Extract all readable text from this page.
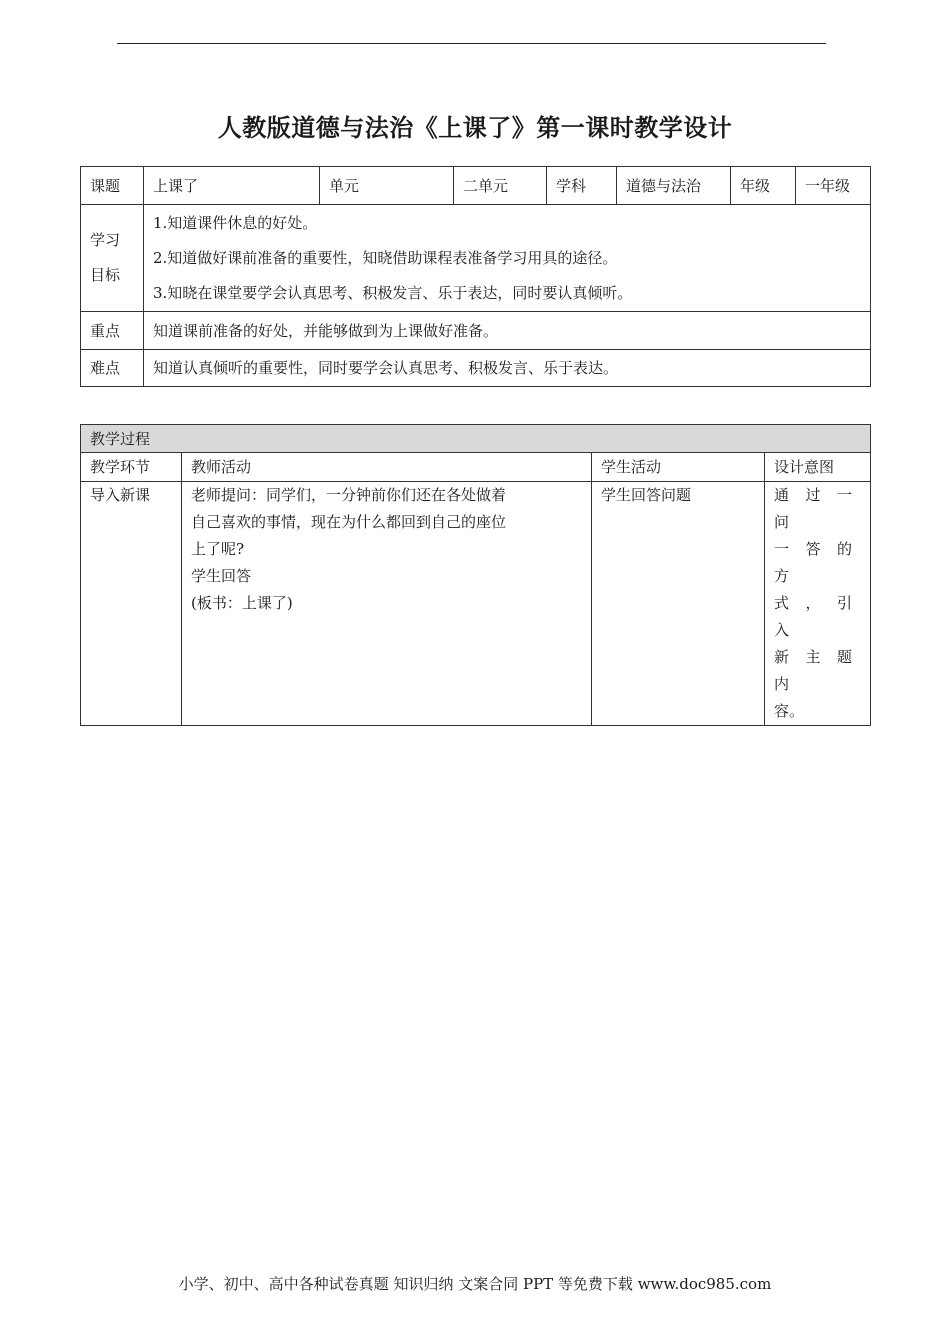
人教版道德与法治《上课了》第一课时教学设计
课题	上课了	单元	二单元	学科	道德与法治	年级	一年级

学习
目标	1.知道课件休息的好处。
2.知道做好课前准备的重要性，知晓借助课程表准备学习用具的途径。
3.知晓在课堂要学会认真思考、积极发言、乐于表达，同时要认真倾听。						

重点	知道课前准备的好处，并能够做到为上课做好准备。						
难点	知道认真倾听的重要性，同时要学会认真思考、积极发言、乐于表达。						
教学过程			
教学环节	教师活动	学生活动	设计意图
导入新课	老师提问：同学们，一分钟前你们还在各处做着
自己喜欢的事情，现在为什么都回到自己的座位
上了呢?
学生回答
(板书：上课了)	学生回答问题	通过一问
一答的方
式，引入
新主题内
容。
小学、初中、高中各种试卷真题 知识归纳 文案合同 PPT 等免费下载 www.doc985.com
